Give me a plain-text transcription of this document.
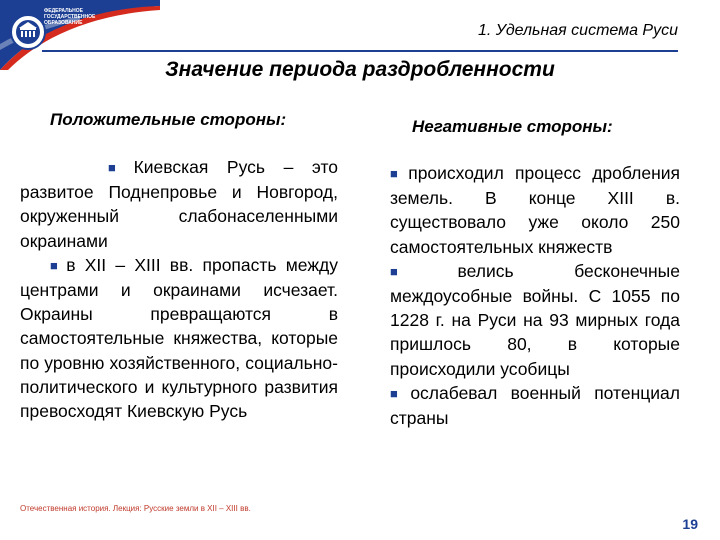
ФЕДЕРАЛЬНОЕ ГОСУДАРСТВЕННОЕ ОБРАЗОВАНИЕ	1. Удельная система Руси
Значение периода раздробленности
Положительные стороны:	Негативные стороны:

■ Киевская Русь – это развитое Поднепровье и Новгород, окруженный слабонаселенными окраинами

■ в XII – XIII вв. пропасть между центрами и окраинами исчезает. Окраины превращаются в самостоятельные княжества, которые по уровню хозяйственного, социально-политического и культурного развития превосходят Киевскую Русь

■ происходил процесс дробления земель. В конце XIII в. существовало уже около 250 самостоятельных княжеств

■ велись бесконечные междоусобные войны. С 1055 по 1228 г. на Руси на 93 мирных года пришлось 80, в которые происходили усобицы

■ ослабевал военный потенциал страны

Отечественная история. Лекция: Русские земли в XII – XIII вв.
19
